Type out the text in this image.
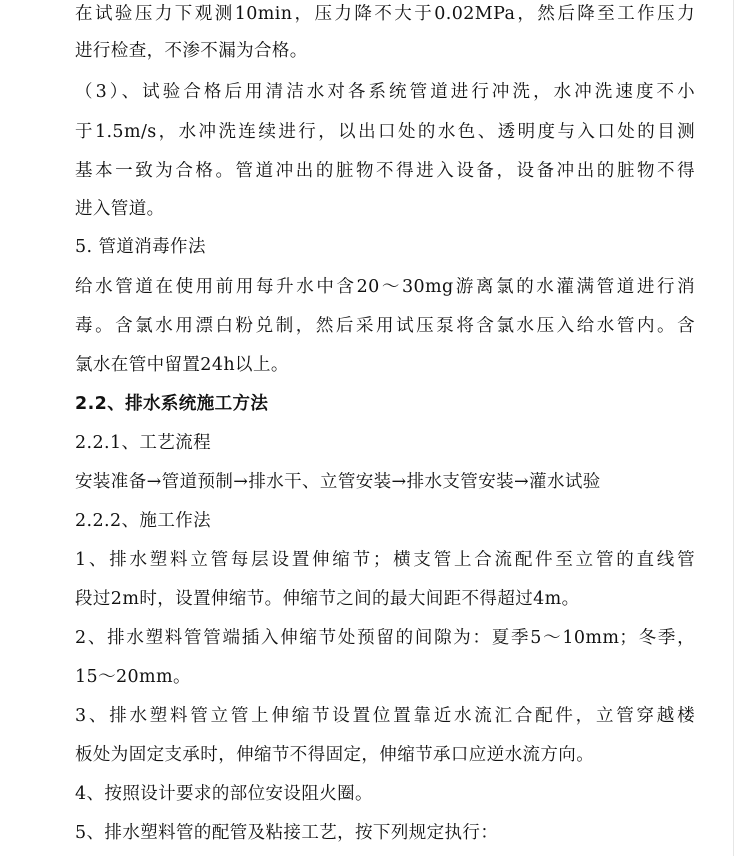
在试验压力下观测10min，压力降不大于0.02MPa，然后降至工作压力
进行检查，不渗不漏为合格。
（3）、试验合格后用清洁水对各系统管道进行冲洗，水冲洗速度不小
于1.5m/s，水冲洗连续进行，以出口处的水色、透明度与入口处的目测
基本一致为合格。管道冲出的脏物不得进入设备，设备冲出的脏物不得
进入管道。
5. 管道消毒作法
给水管道在使用前用每升水中含20～30mg游离氯的水灌满管道进行消
毒。含氯水用漂白粉兑制，然后采用试压泵将含氯水压入给水管内。含
氯水在管中留置24h以上。
2.2、排水系统施工方法
2.2.1、工艺流程
安装准备→管道预制→排水干、立管安装→排水支管安装→灌水试验
2.2.2、施工作法
1、排水塑料立管每层设置伸缩节；横支管上合流配件至立管的直线管
段过2m时，设置伸缩节。伸缩节之间的最大间距不得超过4m。
2、排水塑料管管端插入伸缩节处预留的间隙为：夏季5～10mm；冬季，
15～20mm。
3、排水塑料管立管上伸缩节设置位置靠近水流汇合配件，立管穿越楼
板处为固定支承时，伸缩节不得固定，伸缩节承口应逆水流方向。
4、按照设计要求的部位安设阻火圈。
5、排水塑料管的配管及粘接工艺，按下列规定执行：
